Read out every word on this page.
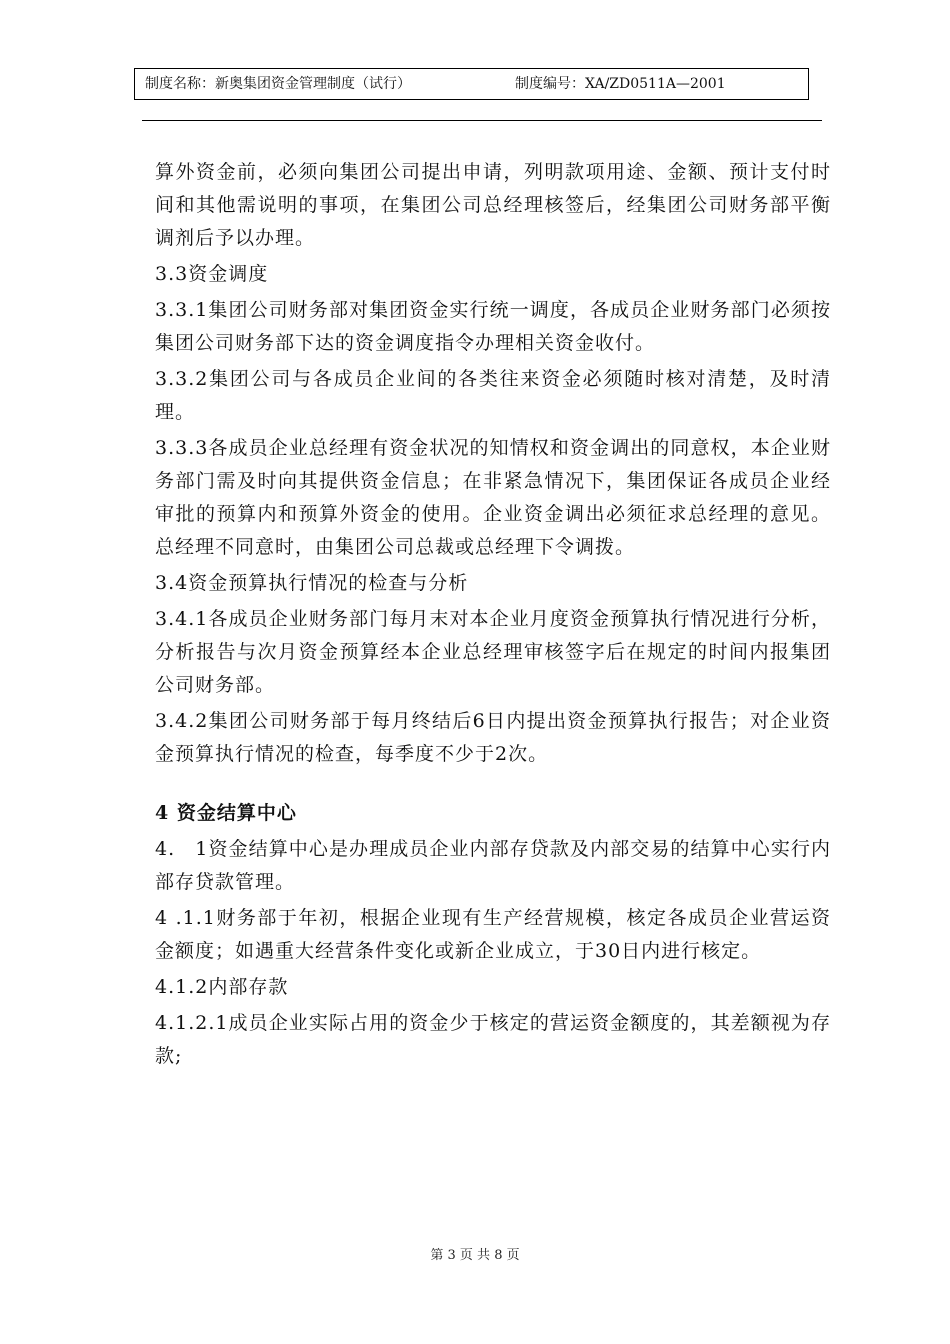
制度名称：新奥集团资金管理制度（试行）	制度编号：XA/ZD0511A—2001

算外资金前，必须向集团公司提出申请，列明款项用途、金额、预计支付时间和其他需说明的事项，在集团公司总经理核签后，经集团公司财务部平衡调剂后予以办理。

3.3资金调度

3.3.1集团公司财务部对集团资金实行统一调度，各成员企业财务部门必须按集团公司财务部下达的资金调度指令办理相关资金收付。

3.3.2集团公司与各成员企业间的各类往来资金必须随时核对清楚，及时清理。

3.3.3各成员企业总经理有资金状况的知情权和资金调出的同意权，本企业财务部门需及时向其提供资金信息；在非紧急情况下，集团保证各成员企业经审批的预算内和预算外资金的使用。企业资金调出必须征求总经理的意见。总经理不同意时，由集团公司总裁或总经理下令调拨。

3.4资金预算执行情况的检查与分析

3.4.1各成员企业财务部门每月末对本企业月度资金预算执行情况进行分析，分析报告与次月资金预算经本企业总经理审核签字后在规定的时间内报集团公司财务部。

3.4.2集团公司财务部于每月终结后6日内提出资金预算执行报告；对企业资金预算执行情况的检查，每季度不少于2次。

4 资金结算中心

4.　1资金结算中心是办理成员企业内部存贷款及内部交易的结算中心实行内部存贷款管理。

4 .1.1财务部于年初，根据企业现有生产经营规模，核定各成员企业营运资金额度；如遇重大经营条件变化或新企业成立，于30日内进行核定。

4.1.2内部存款

4.1.2.1成员企业实际占用的资金少于核定的营运资金额度的，其差额视为存款;

第 3 页 共 8 页
